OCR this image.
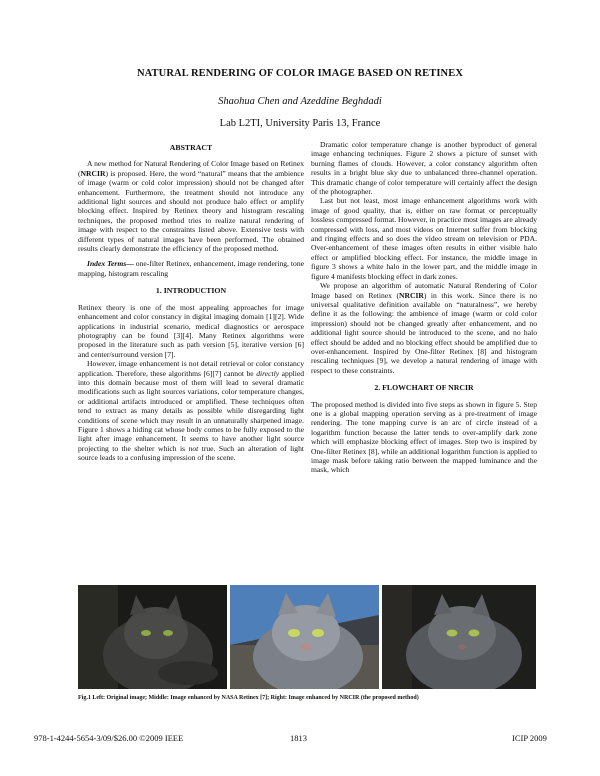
NATURAL RENDERING OF COLOR IMAGE BASED ON RETINEX
Shaohua Chen and Azeddine Beghdadi
Lab L2TI, University Paris 13, France
ABSTRACT

A new method for Natural Rendering of Color Image based on Retinex (NRCIR) is proposed. Here, the word “natural” means that the ambience of image (warm or cold color impression) should not be changed after enhancement. Furthermore, the treatment should not introduce any additional light sources and should not produce halo effect or amplify blocking effect. Inspired by Retinex theory and histogram rescaling techniques, the proposed method tries to realize natural rendering of image with respect to the constraints listed above. Extensive tests with different types of natural images have been performed. The obtained results clearly demonstrate the efficiency of the proposed method.

Index Terms— one-filter Retinex, enhancement, image rendering, tone mapping, histogram rescaling

1. INTRODUCTION

Retinex theory is one of the most appealing approaches for image enhancement and color constancy in digital imaging domain [1][2]. Wide applications in industrial scenario, medical diagnostics or aerospace photography can be found [3][4]. Many Retinex algorithms were proposed in the literature such as path version [5], iterative version [6] and center/surround version [7].

However, image enhancement is not detail retrieval or color constancy application. Therefore, these algorithms [6][7] cannot be directly applied into this domain because most of them will lead to several dramatic modifications such as light sources variations, color temperature changes, or additional artifacts introduced or amplified. These techniques often tend to extract as many details as possible while disregarding light conditions of scene which may result in an unnaturally sharpened image. Figure 1 shows a hiding cat whose body comes to be fully exposed to the light after image enhancement. It seems to have another light source projecting to the shelter which is not true. Such an alteration of light source leads to a confusing impression of the scene.

Dramatic color temperature change is another byproduct of general image enhancing techniques. Figure 2 shows a picture of sunset with burning flames of clouds. However, a color constancy algorithm often results in a bright blue sky due to unbalanced three-channel operation. This dramatic change of color temperature will certainly affect the design of the photographer.

Last but not least, most image enhancement algorithms work with image of good quality, that is, either on raw format or perceptually lossless compressed format. However, in practice most images are already compressed with loss, and most videos on Internet suffer from blocking and ringing effects and so does the video stream on television or PDA. Over-enhancement of these images often results in either visible halo effect or amplified blocking effect. For instance, the middle image in figure 3 shows a white halo in the lower part, and the middle image in figure 4 manifests blocking effect in dark zones.

We propose an algorithm of automatic Natural Rendering of Color Image based on Retinex (NRCIR) in this work. Since there is no universal qualitative definition available on “naturalness”, we hereby define it as the following: the ambience of image (warm or cold color impression) should not be changed greatly after enhancement, and no additional light source should be introduced to the scene, and no halo effect should be added and no blocking effect should be amplified due to over-enhancement. Inspired by One-filter Retinex [8] and histogram rescaling techniques [9], we develop a natural rendering of image with respect to these constraints.

2. FLOWCHART OF NRCIR

The proposed method is divided into five steps as shown in figure 5. Step one is a global mapping operation serving as a pre-treatment of image rendering. The tone mapping curve is an arc of circle instead of a logarithm function because the latter tends to over-amplify dark zone which will emphasize blocking effect of images. Step two is inspired by One-filter Retinex [8], while an additional logarithm function is applied to image mask before taking ratio between the mapped luminance and the mask, which

Fig.1 Left: Original image; Middle: Image enhanced by NASA Retinex [7]; Right: Image enhanced by NRCIR (the proposed method)
978-1-4244-5654-3/09/$26.00 ©2009 IEEE	1813	ICIP 2009
